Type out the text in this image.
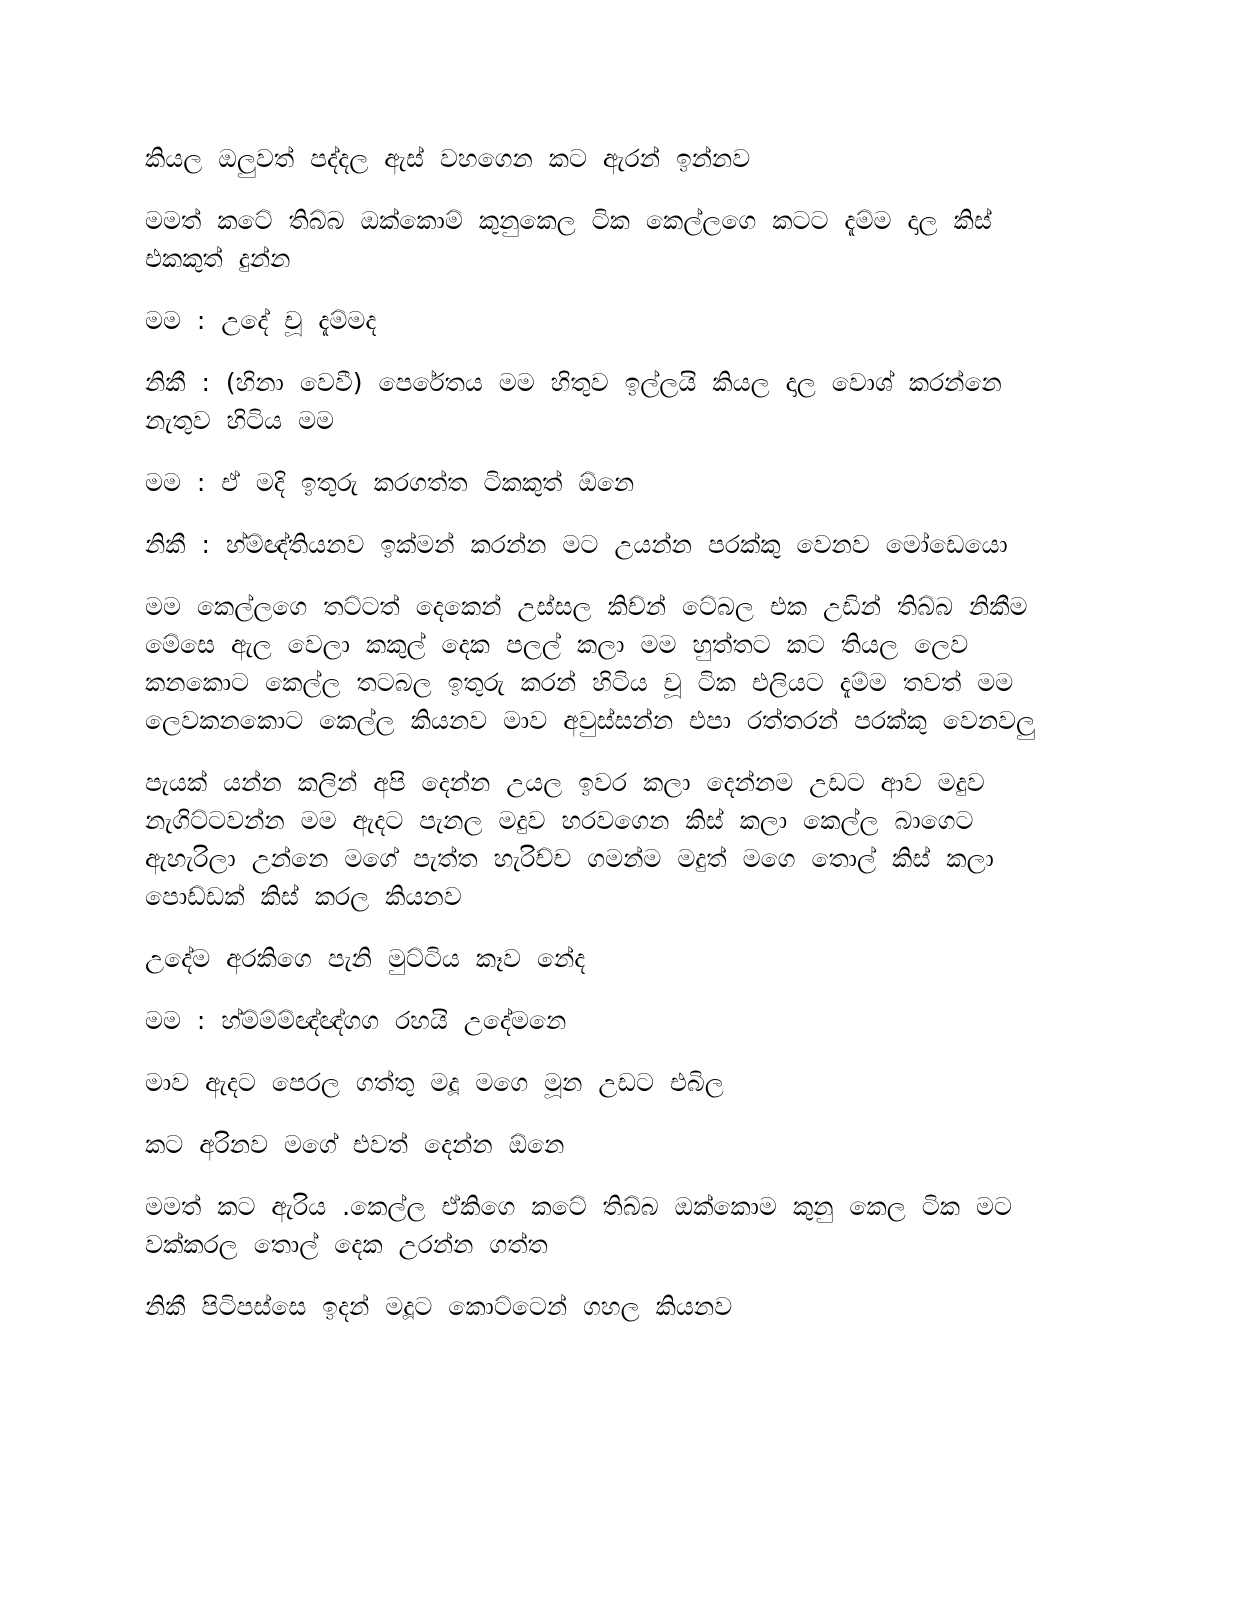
කියල ඔලුවත් පද්දල ඇස් වහගෙන කට ඇරන් ඉන්නව

මමත් කටේ තිබ්බ ඔක්කොම් කුනුකෙල ටික කෙල්ලගෙ කටට දැම්ම දාල කිස් එකකුත් දුන්න

මම : උදේ චූ දැම්මද

නිකී : (හිනා වෙවී) පෙරේතය මම හිතුව ඉල්ලයි කියල දාල වොශ් කරන්නෙ නැතුව හිටිය මම

මම : ඒ මදි ඉතුරු කරගත්ත ටිකකුත් ඕනෙ

නිකී : හ්ම්ඥ්තියනව ඉක්මන් කරන්න මට උයන්න පරක්කු වෙනව මෝඩෙයො

මම කෙල්ලගෙ තට්ටත් දෙකෙන් උස්සල කිච්න් ටේබල එක උඩින් තිබ්බ නිකීම මේසෙ ඇල වෙලා කකුල් දෙක පලල් කලා මම හුත්තට කට තියල ලෙව කනකොට කෙල්ල තටබල ඉතුරු කරන් හිටිය චූ ටික එලියට දැම්ම තවත් මම ලෙවකනකොට කෙල්ල කියනව මාව අවුස්සන්න එපා රත්තරන් පරක්කු වෙනවලු

පැයක් යන්න කලින් අපි දෙන්න උයල ඉවර කලා දෙන්නම උඩට ආව මදුව නැගිට්ටවන්න මම ඇදට පැනල මදුව හරවගෙන කිස් කලා කෙල්ල බාගෙට ඇහැරිලා උන්නෙ මගේ පැත්ත හැරිච්ච ගමන්ම මදුත් මගෙ තොල් කිස් කලා පොඩ්ඩක් කිස් කරල කියනව

උදේම අරකිගෙ පැනි මුට්ටිය කෑව නේද

මම : හ්ම්ම්ම්ඥ්ඥ්ගග රහයි උදේමනෙ

මාව ඇදට පෙරල ගත්තු මදූ මගෙ මූන උඩට එබිල

කට අරිනව මගේ එවත් දෙන්න ඕනෙ

මමත් කට ඇරිය .කෙල්ල ඒකිගෙ කටේ තිබ්බ ඔක්කොම කුනු කෙල ටික මට වක්කරල තොල් දෙක උරන්න ගත්ත

නිකී පිටිපස්සෙ ඉදන් මදූට කොට්ටෙන් ගහල කියනව
